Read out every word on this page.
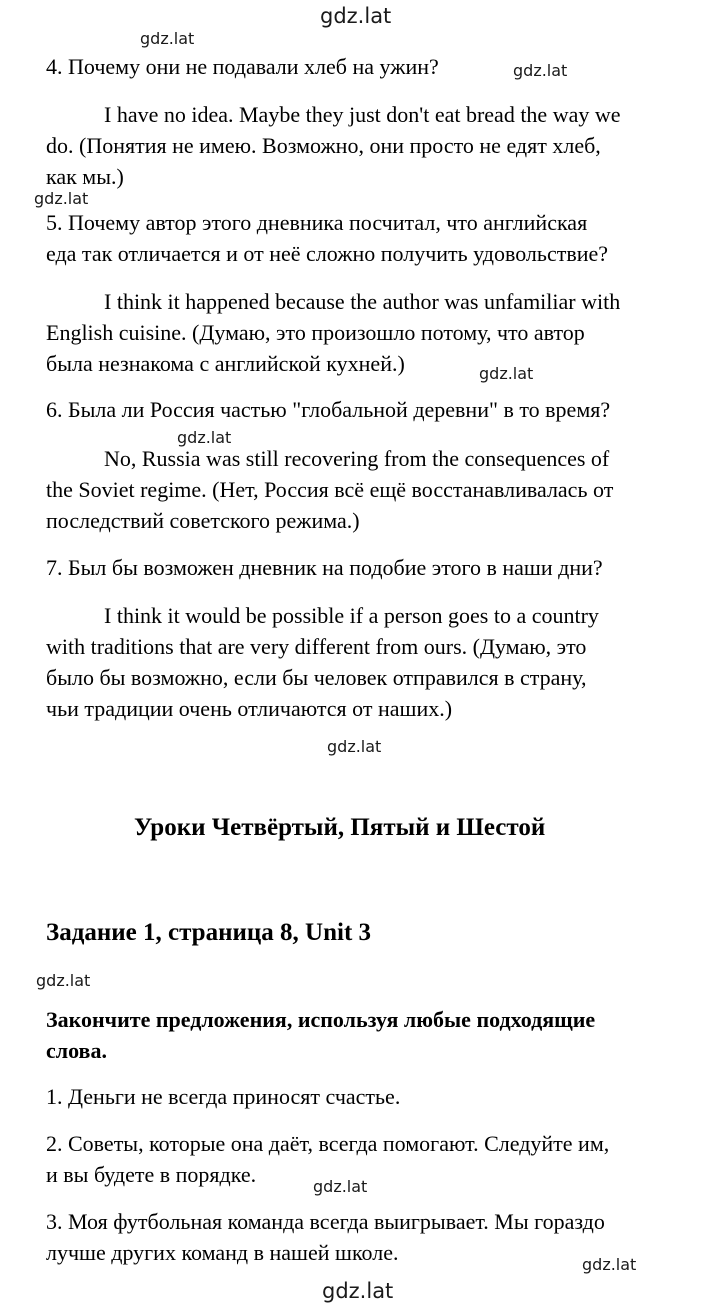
gdz.lat
gdz.lat
gdz.lat
gdz.lat
gdz.lat
gdz.lat
gdz.lat
gdz.lat
gdz.lat
gdz.lat
gdz.lat
4. Почему они не подавали хлеб на ужин?
I have no idea. Maybe they just don't eat bread the way we
do. (Понятия не имею. Возможно, они просто не едят хлеб,
как мы.)
5. Почему автор этого дневника посчитал, что английская
еда так отличается и от неё сложно получить удовольствие?
I think it happened because the author was unfamiliar with
English cuisine. (Думаю, это произошло потому, что автор
была незнакома с английской кухней.)
6. Была ли Россия частью "глобальной деревни" в то время?
No, Russia was still recovering from the consequences of
the Soviet regime. (Нет, Россия всё ещё восстанавливалась от
последствий советского режима.)
7. Был бы возможен дневник на подобие этого в наши дни?
I think it would be possible if a person goes to a country
with traditions that are very different from ours. (Думаю, это
было бы возможно, если бы человек отправился в страну,
чьи традиции очень отличаются от наших.)
Уроки Четвёртый, Пятый и Шестой
Задание 1, страница 8, Unit 3
Закончите предложения, используя любые подходящие
слова.
1. Деньги не всегда приносят счастье.
2. Советы, которые она даёт, всегда помогают. Следуйте им,
и вы будете в порядке.
3. Моя футбольная команда всегда выигрывает. Мы гораздо
лучше других команд в нашей школе.
